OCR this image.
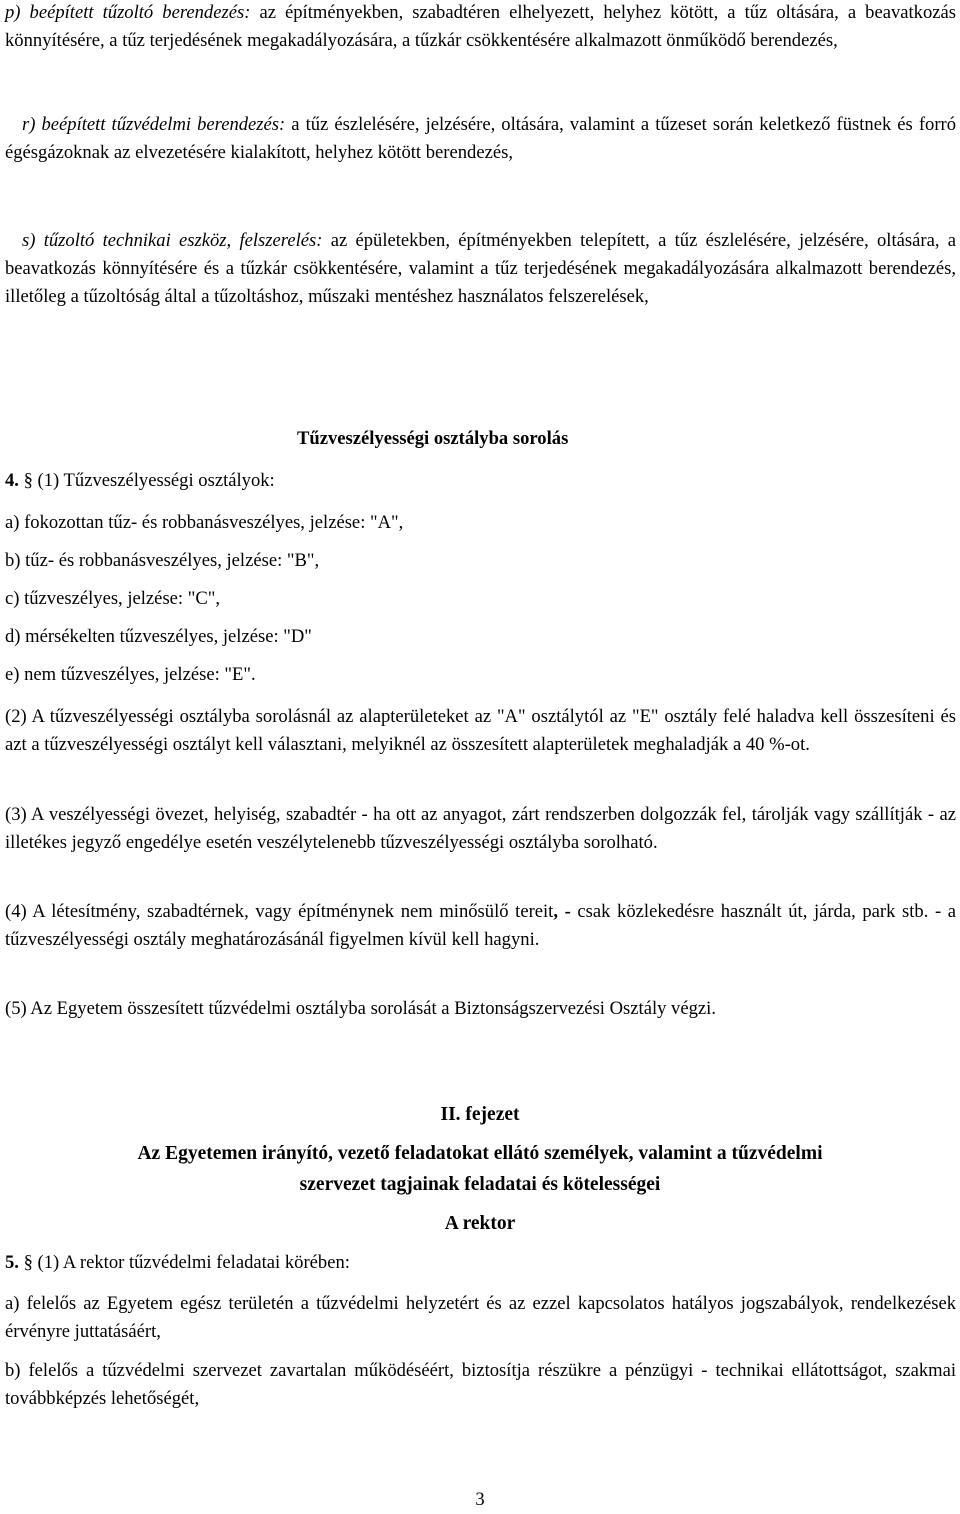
p) beépített tűzoltó berendezés: az építményekben, szabadtéren elhelyezett, helyhez kötött, a tűz oltására, a beavatkozás könnyítésére, a tűz terjedésének megakadályozására, a tűzkár csökkentésére alkalmazott önműködő berendezés,

r) beépített tűzvédelmi berendezés: a tűz észlelésére, jelzésére, oltására, valamint a tűzeset során keletkező füstnek és forró égésgázoknak az elvezetésére kialakított, helyhez kötött berendezés,

s) tűzoltó technikai eszköz, felszerelés: az épületekben, építményekben telepített, a tűz észlelésére, jelzésére, oltására, a beavatkozás könnyítésére és a tűzkár csökkentésére, valamint a tűz terjedésének megakadályozására alkalmazott berendezés, illetőleg a tűzoltóság által a tűzoltáshoz, műszaki mentéshez használatos felszerelések,

Tűzveszélyességi osztályba sorolás
4. § (1) Tűzveszélyességi osztályok:
a) fokozottan tűz- és robbanásveszélyes, jelzése: "A",
b) tűz- és robbanásveszélyes, jelzése: "B",
c) tűzveszélyes, jelzése: "C",
d) mérsékelten tűzveszélyes, jelzése: "D"
e) nem tűzveszélyes, jelzése: "E".

(2) A tűzveszélyességi osztályba sorolásnál az alapterületeket az "A" osztálytól az "E" osztály felé haladva kell összesíteni és azt a tűzveszélyességi osztályt kell választani, melyiknél az összesített alapterületek meghaladják a 40 %-ot.

(3) A veszélyességi övezet, helyiség, szabadtér - ha ott az anyagot, zárt rendszerben dolgozzák fel, tárolják vagy szállítják - az illetékes jegyző engedélye esetén veszélytelenebb tűzveszélyességi osztályba sorolható.

(4) A létesítmény, szabadtérnek, vagy építménynek nem minősülő tereit, - csak közlekedésre használt út, járda, park stb. - a tűzveszélyességi osztály meghatározásánál figyelmen kívül kell hagyni.

(5) Az Egyetem összesített tűzvédelmi osztályba sorolását a Biztonságszervezési Osztály végzi.

II. fejezet
Az Egyetemen irányító, vezető feladatokat ellátó személyek, valamint a tűzvédelmi
szervezet tagjainak feladatai és kötelességei
A rektor
5. § (1) A rektor tűzvédelmi feladatai körében:

a) felelős az Egyetem egész területén a tűzvédelmi helyzetért és az ezzel kapcsolatos hatályos jogszabályok, rendelkezések érvényre juttatásáért,

b) felelős a tűzvédelmi szervezet zavartalan működéséért, biztosítja részükre a pénzügyi - technikai ellátottságot, szakmai továbbképzés lehetőségét,

3
